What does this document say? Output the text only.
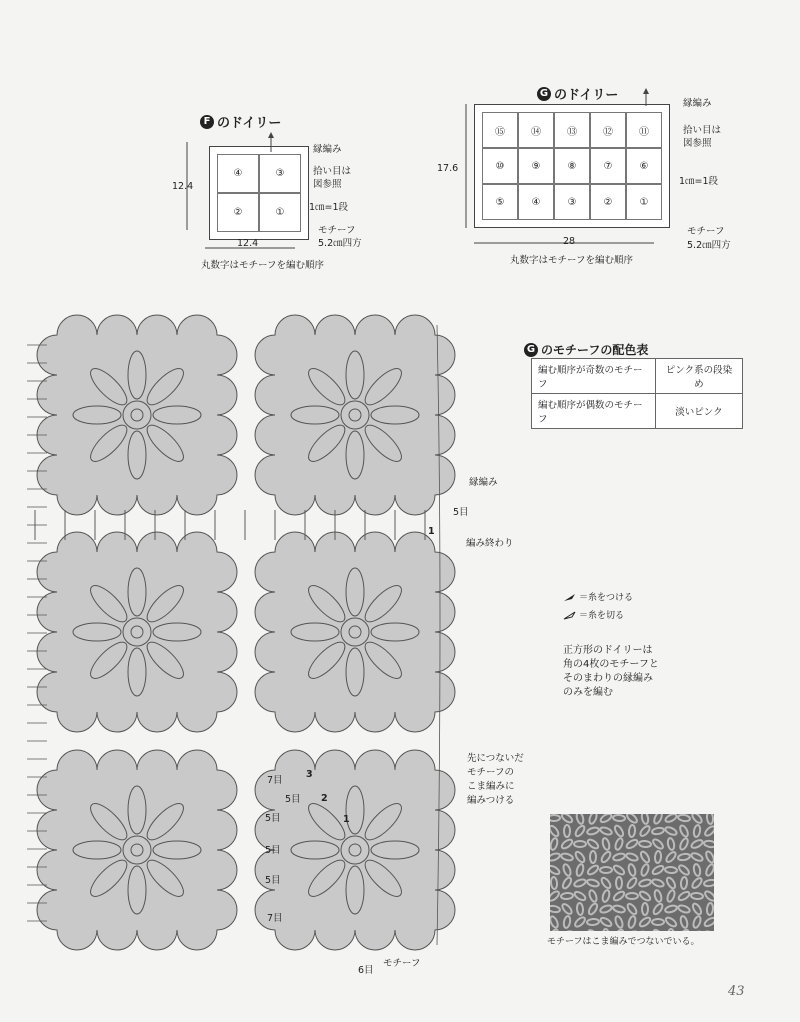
F のドイリー
④	③
②	①
12.4
12.4
縁編み
拾い目は
図参照
1㎝=1段
モチーフ
5.2㎝四方
丸数字はモチーフを編む順序
G のドイリー
⑮	⑭	⑬	⑫	⑪
⑩	⑨	⑧	⑦	⑥
⑤	④	③	②	①
17.6
28
縁編み
拾い目は
図参照
1㎝=1段
モチーフ
5.2㎝四方
丸数字はモチーフを編む順序
G のモチーフの配色表
編む順序が奇数のモチーフ	ピンク系の段染め
編む順序が偶数のモチーフ	淡いピンク
縁編み
5目
編み終わり
1
先につないだ
モチーフの
こま編みに
編みつける
7目
5目
5目
5目
5目
7目
6目
モチーフ
1
2
3
＝糸をつける
＝糸を切る
正方形のドイリーは
角の4枚のモチーフと
そのまわりの縁編み
のみを編む
モチーフはこま編みでつないでいる。
43
